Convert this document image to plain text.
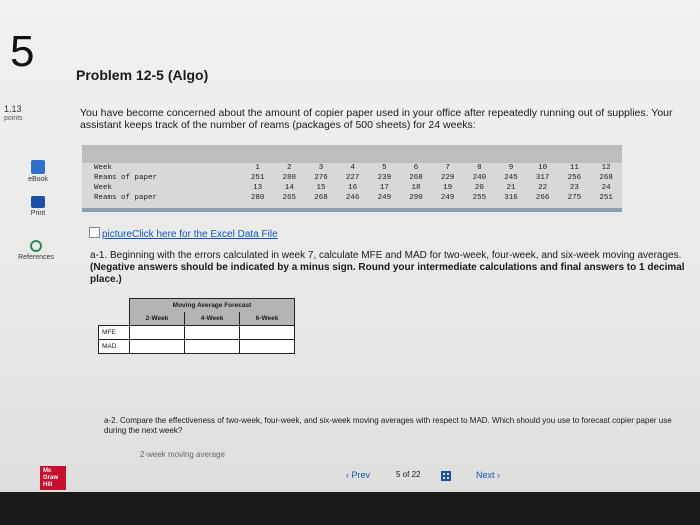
5	Problem 12-5 (Algo)
1.13
points	You have become concerned about the amount of copier paper used in your office after repeatedly running out of supplies. Your assistant keeps track of the number of reams (packages of 500 sheets) for 24 weeks:
eBook
Print
References
Week	1	2	3	4	5	6	7	8	9	10	11	12
Reams of paper	251	280	276	227	239	268	229	240	245	317	256	268
Week	13	14	15	16	17	18	19	20	21	22	23	24
Reams of paper	280	265	268	246	249	290	249	255	316	266	275	251
pictureClick here for the Excel Data File
a-1. Beginning with the errors calculated in week 7, calculate MFE and MAD for two-week, four-week, and six-week moving averages. (Negative answers should be indicated by a minus sign. Round your intermediate calculations and final answers to 1 decimal place.)
	Moving Average Forecast		
	2-Week	4-Week	6-Week
MFE			
MAD			
a-2. Compare the effectiveness of two-week, four-week, and six-week moving averages with respect to MAD. Which should you use to forecast copier paper use during the next week?
2-week moving average
Mc Graw Hill
‹ Prev	5 of 22	Next ›
